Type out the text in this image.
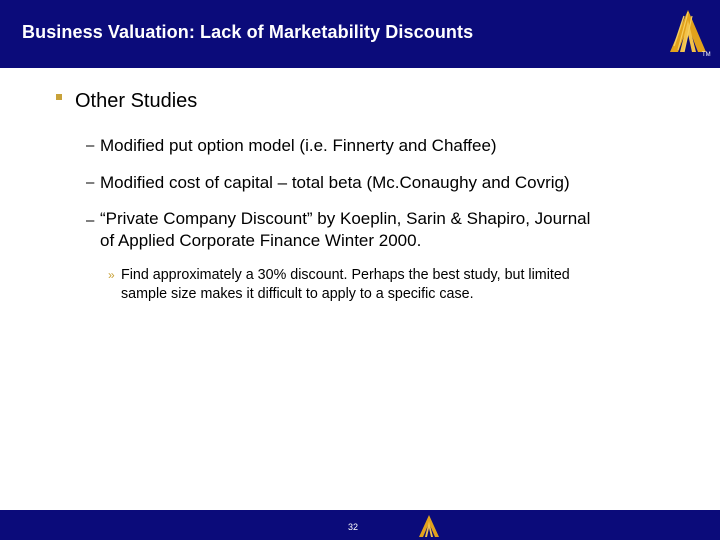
Business Valuation: Lack of Marketability Discounts
TM
Other Studies
– Modified put option model (i.e. Finnerty and Chaffee)
– Modified cost of capital – total beta (Mc.Conaughy and Covrig)
– “Private Company Discount” by Koeplin, Sarin & Shapiro, Journal
of Applied Corporate Finance Winter 2000.
» Find approximately a 30% discount. Perhaps the best study, but limited
sample size makes it difficult to apply to a specific case.
32
